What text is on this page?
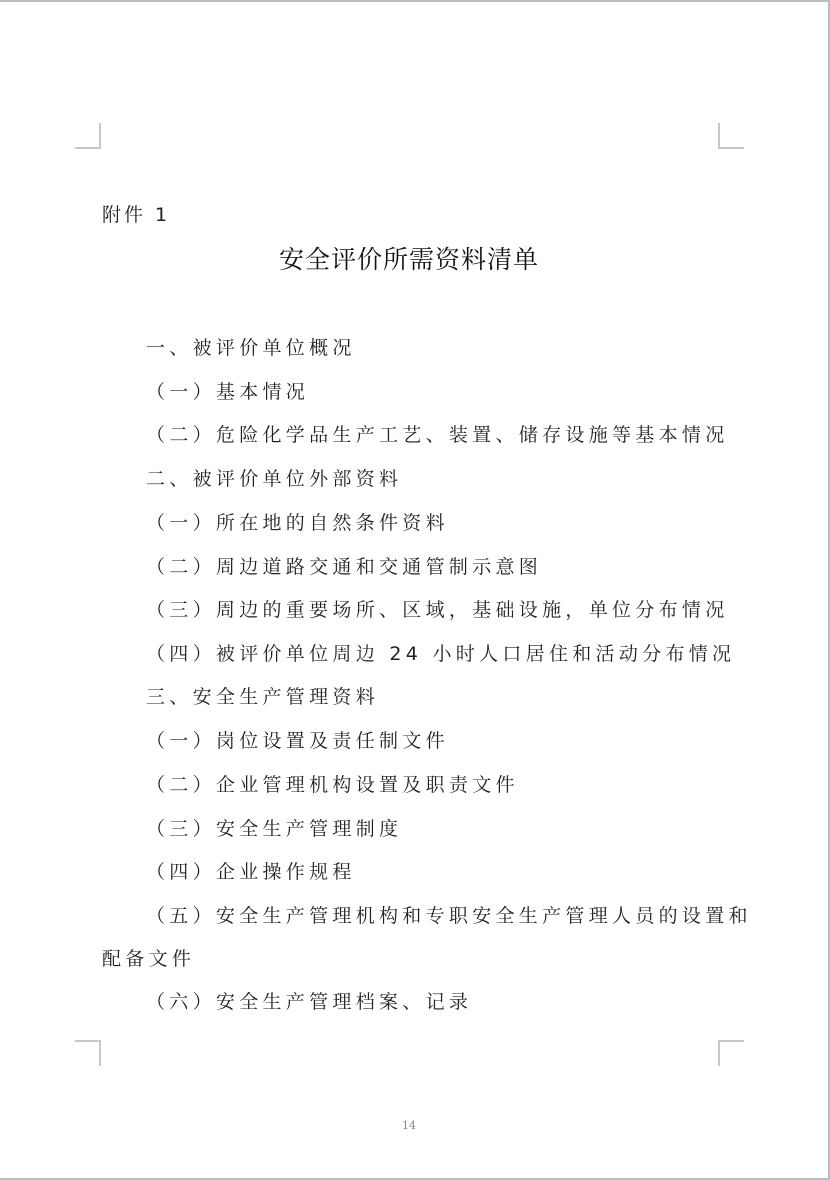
附件 1
安全评价所需资料清单
一、被评价单位概况
（一）基本情况
（二）危险化学品生产工艺、装置、储存设施等基本情况
二、被评价单位外部资料
（一）所在地的自然条件资料
（二）周边道路交通和交通管制示意图
（三）周边的重要场所、区域，基础设施，单位分布情况
（四）被评价单位周边 24 小时人口居住和活动分布情况
三、安全生产管理资料
（一）岗位设置及责任制文件
（二）企业管理机构设置及职责文件
（三）安全生产管理制度
（四）企业操作规程
（五）安全生产管理机构和专职安全生产管理人员的设置和
配备文件
（六）安全生产管理档案、记录
14
